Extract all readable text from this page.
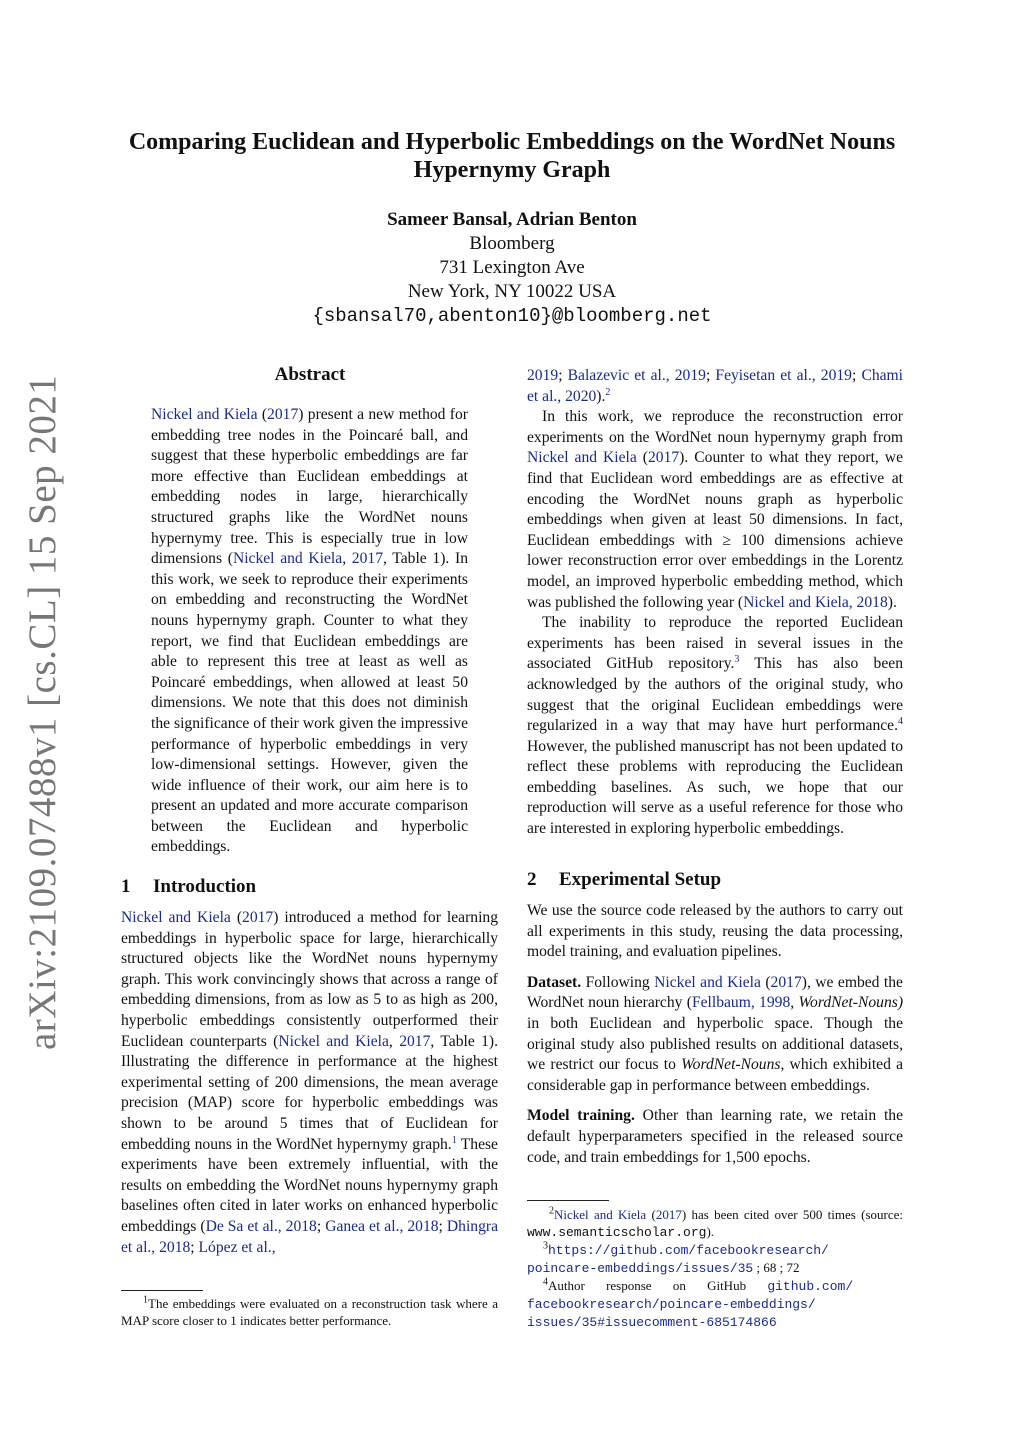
arXiv:2109.07488v1 [cs.CL] 15 Sep 2021
Comparing Euclidean and Hyperbolic Embeddings on the WordNet Nouns Hypernymy Graph
Sameer Bansal, Adrian Benton
Bloomberg
731 Lexington Ave
New York, NY 10022 USA
{sbansal70,abenton10}@bloomberg.net
Abstract
Nickel and Kiela (2017) present a new method for embedding tree nodes in the Poincaré ball, and suggest that these hyperbolic embeddings are far more effective than Euclidean embeddings at embedding nodes in large, hierarchically structured graphs like the WordNet nouns hypernymy tree. This is especially true in low dimensions (Nickel and Kiela, 2017, Table 1). In this work, we seek to reproduce their experiments on embedding and reconstructing the WordNet nouns hypernymy graph. Counter to what they report, we find that Euclidean embeddings are able to represent this tree at least as well as Poincaré embeddings, when allowed at least 50 dimensions. We note that this does not diminish the significance of their work given the impressive performance of hyperbolic embeddings in very low-dimensional settings. However, given the wide influence of their work, our aim here is to present an updated and more accurate comparison between the Euclidean and hyperbolic embeddings.
1 Introduction

Nickel and Kiela (2017) introduced a method for learning embeddings in hyperbolic space for large, hierarchically structured objects like the WordNet nouns hypernymy graph. This work convincingly shows that across a range of embedding dimensions, from as low as 5 to as high as 200, hyperbolic embeddings consistently outperformed their Euclidean counterparts (Nickel and Kiela, 2017, Table 1). Illustrating the difference in performance at the highest experimental setting of 200 dimensions, the mean average precision (MAP) score for hyperbolic embeddings was shown to be around 5 times that of Euclidean for embedding nouns in the WordNet hypernymy graph.$^1$ These experiments have been extremely influential, with the results on embedding the WordNet nouns hypernymy graph baselines often cited in later works on enhanced hyperbolic embeddings (De Sa et al., 2018; Ganea et al., 2018; Dhingra et al., 2018; López et al.,

$^1$The embeddings were evaluated on a reconstruction task where a MAP score closer to 1 indicates better performance.

2019; Balazevic et al., 2019; Feyisetan et al., 2019; Chami et al., 2020).$^2$

In this work, we reproduce the reconstruction error experiments on the WordNet noun hypernymy graph from Nickel and Kiela (2017). Counter to what they report, we find that Euclidean word embeddings are as effective at encoding the WordNet nouns graph as hyperbolic embeddings when given at least 50 dimensions. In fact, Euclidean embeddings with ≥ 100 dimensions achieve lower reconstruction error over embeddings in the Lorentz model, an improved hyperbolic embedding method, which was published the following year (Nickel and Kiela, 2018).

The inability to reproduce the reported Euclidean experiments has been raised in several issues in the associated GitHub repository.$^3$ This has also been acknowledged by the authors of the original study, who suggest that the original Euclidean embeddings were regularized in a way that may have hurt performance.$^4$ However, the published manuscript has not been updated to reflect these problems with reproducing the Euclidean embedding baselines. As such, we hope that our reproduction will serve as a useful reference for those who are interested in exploring hyperbolic embeddings.

2 Experimental Setup

We use the source code released by the authors to carry out all experiments in this study, reusing the data processing, model training, and evaluation pipelines.

Dataset. Following Nickel and Kiela (2017), we embed the WordNet noun hierarchy (Fellbaum, 1998, WordNet-Nouns) in both Euclidean and hyperbolic space. Though the original study also published results on additional datasets, we restrict our focus to WordNet-Nouns, which exhibited a considerable gap in performance between embeddings.

Model training. Other than learning rate, we retain the default hyperparameters specified in the released source code, and train embeddings for 1,500 epochs.

$^2$Nickel and Kiela (2017) has been cited over 500 times (source: www.semanticscholar.org).
$^3$https://github.com/facebookresearch/
poincare-embeddings/issues/35 ; 68 ; 72
$^4$Author response on GitHub github.com/
facebookresearch/poincare-embeddings/
issues/35#issuecomment-685174866
